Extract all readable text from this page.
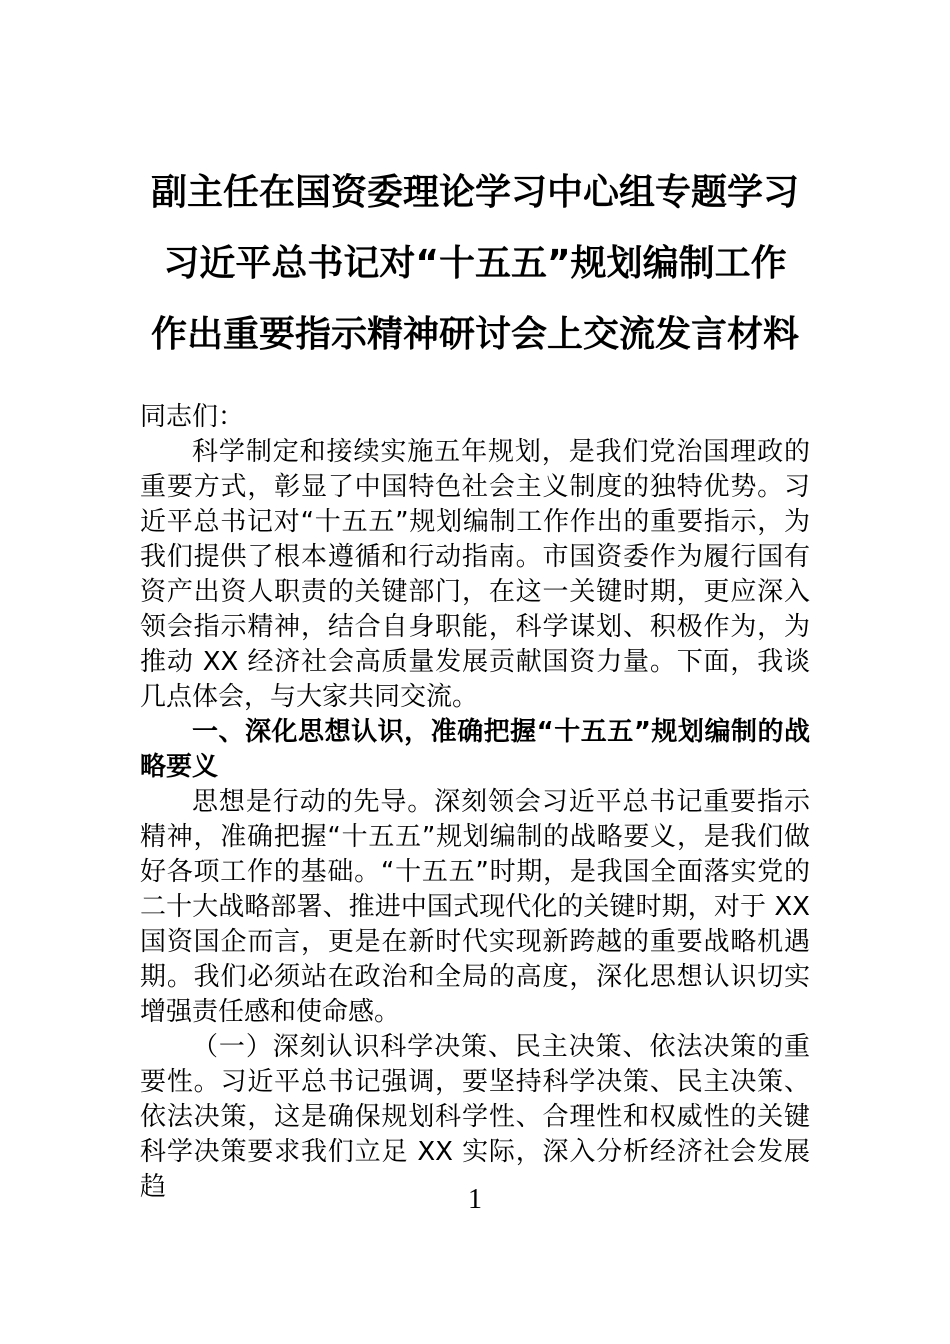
副主任在国资委理论学习中心组专题学习
习近平总书记对“十五五”规划编制工作
作出重要指示精神研讨会上交流发言材料

同志们：

科学制定和接续实施五年规划，是我们党治国理政的重要方式，彰显了中国特色社会主义制度的独特优势。习近平总书记对“十五五”规划编制工作作出的重要指示，为我们提供了根本遵循和行动指南。市国资委作为履行国有资产出资人职责的关键部门，在这一关键时期，更应深入领会指示精神，结合自身职能，科学谋划、积极作为，为推动 XX 经济社会高质量发展贡献国资力量。下面，我谈几点体会，与大家共同交流。

一、深化思想认识，准确把握“十五五”规划编制的战略要义

思想是行动的先导。深刻领会习近平总书记重要指示精神，准确把握“十五五”规划编制的战略要义，是我们做好各项工作的基础。“十五五”时期，是我国全面落实党的二十大战略部署、推进中国式现代化的关键时期，对于 XX 国资国企而言，更是在新时代实现新跨越的重要战略机遇期。我们必须站在政治和全局的高度，深化思想认识切实增强责任感和使命感。

（一）深刻认识科学决策、民主决策、依法决策的重要性。习近平总书记强调，要坚持科学决策、民主决策、依法决策，这是确保规划科学性、合理性和权威性的关键科学决策要求我们立足 XX 实际，深入分析经济社会发展趋	1
